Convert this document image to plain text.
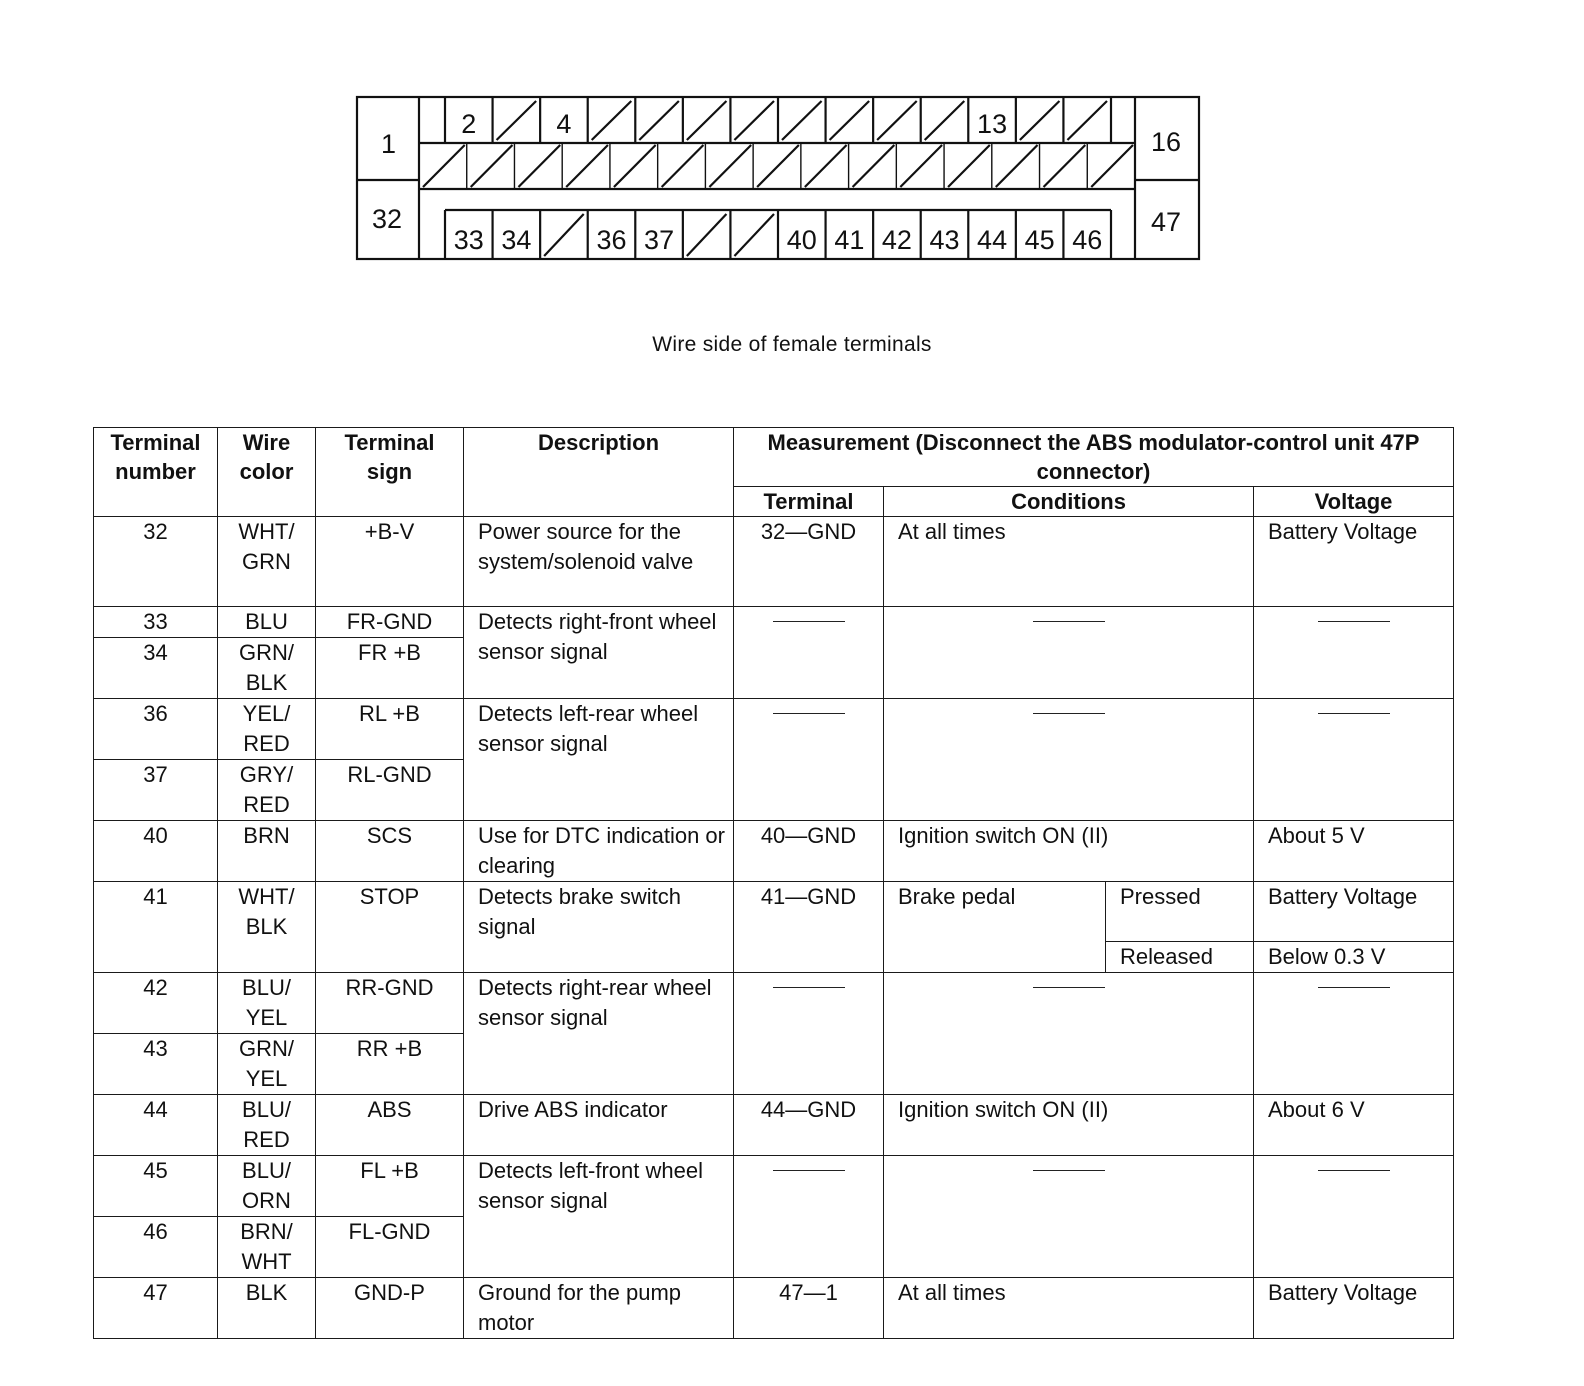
2	4	13
33 34 36 37	40 41 42 43 44 45 46
1
32
16
47
Wire side of female terminals
Terminal number	Wire color	Terminal sign	Description	Measurement (Disconnect the ABS modulator-control unit 47P connector)			
				Terminal	Conditions		Voltage
32	WHT/ GRN	+B-V	Power source for the system/solenoid valve	32—GND	At all times		Battery Voltage
33	BLU	FR-GND	Detects right-front wheel sensor signal		

34	GRN/ BLK	FR +B					
36	YEL/ RED	RL +B	Detects left-rear wheel sensor signal		

37	GRY/ RED	RL-GND					
40	BRN	SCS	Use for DTC indication or clearing	40—GND	Ignition switch ON (II)		About 5 V
41	WHT/ BLK	STOP	Detects brake switch signal	41—GND	Brake pedal	Pressed	Battery Voltage
						Released	Below 0.3 V
42	BLU/ YEL	RR-GND	Detects right-rear wheel sensor signal		

43	GRN/ YEL	RR +B					
44	BLU/ RED	ABS	Drive ABS indicator	44—GND	Ignition switch ON (II)		About 6 V
45	BLU/ ORN	FL +B	Detects left-front wheel sensor signal		

46	BRN/ WHT	FL-GND					
47	BLK	GND-P	Ground for the pump motor	47—1	At all times		Battery Voltage
